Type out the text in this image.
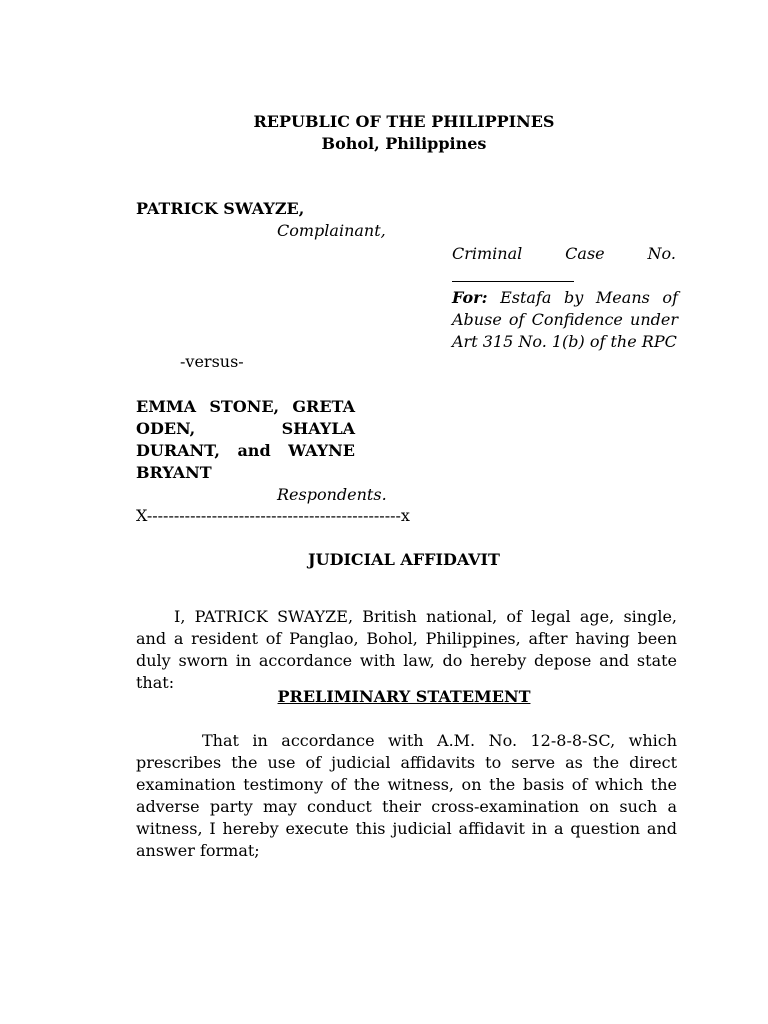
REPUBLIC OF THE PHILIPPINES
Bohol, Philippines
PATRICK SWAYZE,
Complainant,
Criminal	Case	No.
For: Estafa by Means of Abuse of Confidence under Art 315 No. 1(b) of the RPC
-versus-
EMMA STONE, GRETA
ODEN,	SHAYLA
DURANT, and WAYNE
BRYANT
Respondents.
X-----------------------------------------------x
JUDICIAL AFFIDAVIT
I, PATRICK SWAYZE, British national, of legal age, single, and a resident of Panglao, Bohol, Philippines, after having been duly sworn in accordance with law, do hereby depose and state that:
PRELIMINARY STATEMENT
That in accordance with A.M. No. 12-8-8-SC, which prescribes the use of judicial affidavits to serve as the direct examination testimony of the witness, on the basis of which the adverse party may conduct their cross-examination on such a witness, I hereby execute this judicial affidavit in a question and answer format;
